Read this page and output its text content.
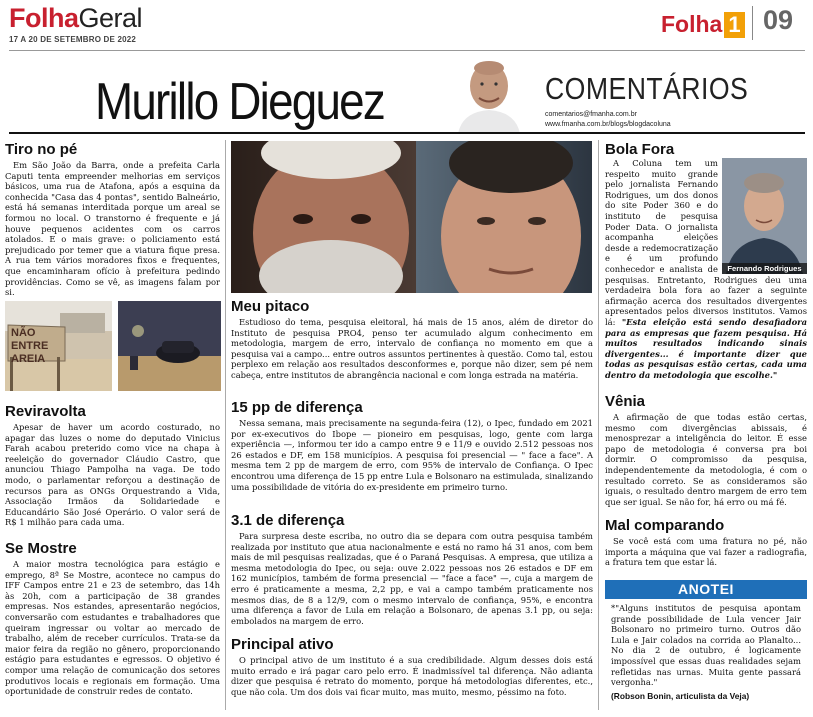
FolhaGeral
17 A 20 DE SETEMBRO DE 2022
Folha 1 09
Murillo Dieguez	COMENTÁRIOS
comentarios@fmanha.com.br
www.fmanha.com.br/blogs/blogdacoluna
Tiro no pé

Em São João da Barra, onde a prefeita Carla Caputi tenta empreender melhorias em serviços básicos, uma rua de Atafona, após a esquina da conhecida "Casa das 4 pontas", sentido Balneário, está há semanas interditada porque um areal se formou no local. O transtorno é frequente e já houve pequenos acidentes com os carros atolados. E o mais grave: o policiamento está prejudicado por temer que a viatura fique presa. A rua tem vários moradores fixos e frequentes, que encaminharam ofício à prefeitura pedindo providências. Como se vê, as imagens falam por si.

NÃO ENTRE AREIA
Reviravolta

Apesar de haver um acordo costurado, no apagar das luzes o nome do deputado Vinicius Farah acabou preterido como vice na chapa à reeleição do governador Cláudio Castro, que anunciou Thiago Pampolha na vaga. De todo modo, o parlamentar reforçou a destinação de recursos para as ONGs Orquestrando a Vida, Associação Irmãos da Solidariedade e Educandário São José Operário. O valor será de R$ 1 milhão para cada uma.

Se Mostre

A maior mostra tecnológica para estágio e emprego, 8ª Se Mostre, acontece no campus do IFF Campos entre 21 e 23 de setembro, das 14h às 20h, com a participação de 38 grandes empresas. Nos estandes, apresentarão negócios, conversarão com estudantes e trabalhadores que queiram ingressar ou voltar ao mercado de trabalho, além de receber currículos. Trata-se da maior feira da região no gênero, proporcionando estágio para estudantes e egressos. O objetivo é compor uma relação de comunicação dos setores produtivos locais e regionais em formação. Uma oportunidade de construir redes de contato.

Meu pitaco

Estudioso do tema, pesquisa eleitoral, há mais de 15 anos, além de diretor do Instituto de pesquisa PRO4, penso ter acumulado algum conhecimento em metodologia, margem de erro, intervalo de confiança no momento em que a pesquisa vai a campo... entre outros assuntos pertinentes à questão. Como tal, estou perplexo em relação aos resultados desconformes e, porque não dizer, sem pé nem cabeça, entre institutos de abrangência nacional e com longa estrada na matéria.

15 pp de diferença

Nessa semana, mais precisamente na segunda-feira (12), o Ipec, fundado em 2021 por ex-executivos do Ibope — pioneiro em pesquisas, logo, gente com larga experiência —, informou ter ido a campo entre 9 e 11/9 e ouvido 2.512 pessoas nos 26 estados e DF, em 158 municípios. A pesquisa foi presencial — " face a face". A mesma tem 2 pp de margem de erro, com 95% de intervalo de Confiança. O Ipec encontrou uma diferença de 15 pp entre Lula e Bolsonaro na estimulada, sinalizando uma possibilidade de vitória do ex-presidente em primeiro turno.

3.1 de diferença

Para surpresa deste escriba, no outro dia se depara com outra pesquisa também realizada por instituto que atua nacionalmente e está no ramo há 31 anos, com bem mais de mil pesquisas realizadas, que é o Paraná Pesquisas. A empresa, que utiliza a mesma metodologia do Ipec, ou seja: ouve 2.022 pessoas nos 26 estados e DF em 162 municípios, também de forma presencial — "face a face" —, cuja a margem de erro é praticamente a mesma, 2,2 pp, e vai a campo também praticamente nos mesmos dias, de 8 a 12/9, com o mesmo intervalo de confiança, 95%, e encontra uma diferença a favor de Lula em relação a Bolsonaro, de apenas 3.1 pp, ou seja: embolados na margem de erro.

Principal ativo

O principal ativo de um instituto é a sua credibilidade. Algum desses dois está muito errado e irá pagar caro pelo erro. É inadmissível tal diferença. Não adianta dizer que pesquisa é retrato do momento, porque há metodologias diferentes, etc., que não cola. Um dos dois vai ficar muito, mas muito, mesmo, péssimo na foto.

Bola Fora
Fernando Rodrigues

A Coluna tem um respeito muito grande pelo jornalista Fernando Rodrigues, um dos donos do site Poder 360 e do instituto de pesquisa Poder Data. O jornalista acompanha eleições desde a redemocratização e é um profundo conhecedor e analista de pesquisas. Entretanto, Rodrigues deu uma verdadeira bola fora ao fazer a seguinte afirmação acerca dos resultados divergentes apresentados pelos diversos institutos. Vamos lá: "Esta eleição está sendo desafiadora para as empresas que fazem pesquisa. Há muitos resultados indicando sinais divergentes... é importante dizer que todas as pesquisas estão certas, cada uma dentro da metodologia que escolhe."

Vênia

A afirmação de que todas estão certas, mesmo com divergências abissais, é menosprezar a inteligência do leitor. É esse papo de metodologia é conversa pra boi dormir. O compromisso da pesquisa, independentemente da metodologia, é com o resultado correto. Se as consideramos são iguais, o resultado dentro margem de erro tem que ser igual. Se não for, há erro ou má fé.

Mal comparando

Se você está com uma fratura no pé, não importa a máquina que vai fazer a radiografia, a fratura tem que estar lá.

ANOTEI

*"Alguns institutos de pesquisa apontam grande possibilidade de Lula vencer Jair Bolsonaro no primeiro turno. Outros dão Lula e Jair colados na corrida ao Planalto... No dia 2 de outubro, é logicamente impossível que essas duas realidades sejam refletidas nas urnas. Muita gente passará vergonha."

(Robson Bonin, articulista da Veja)
